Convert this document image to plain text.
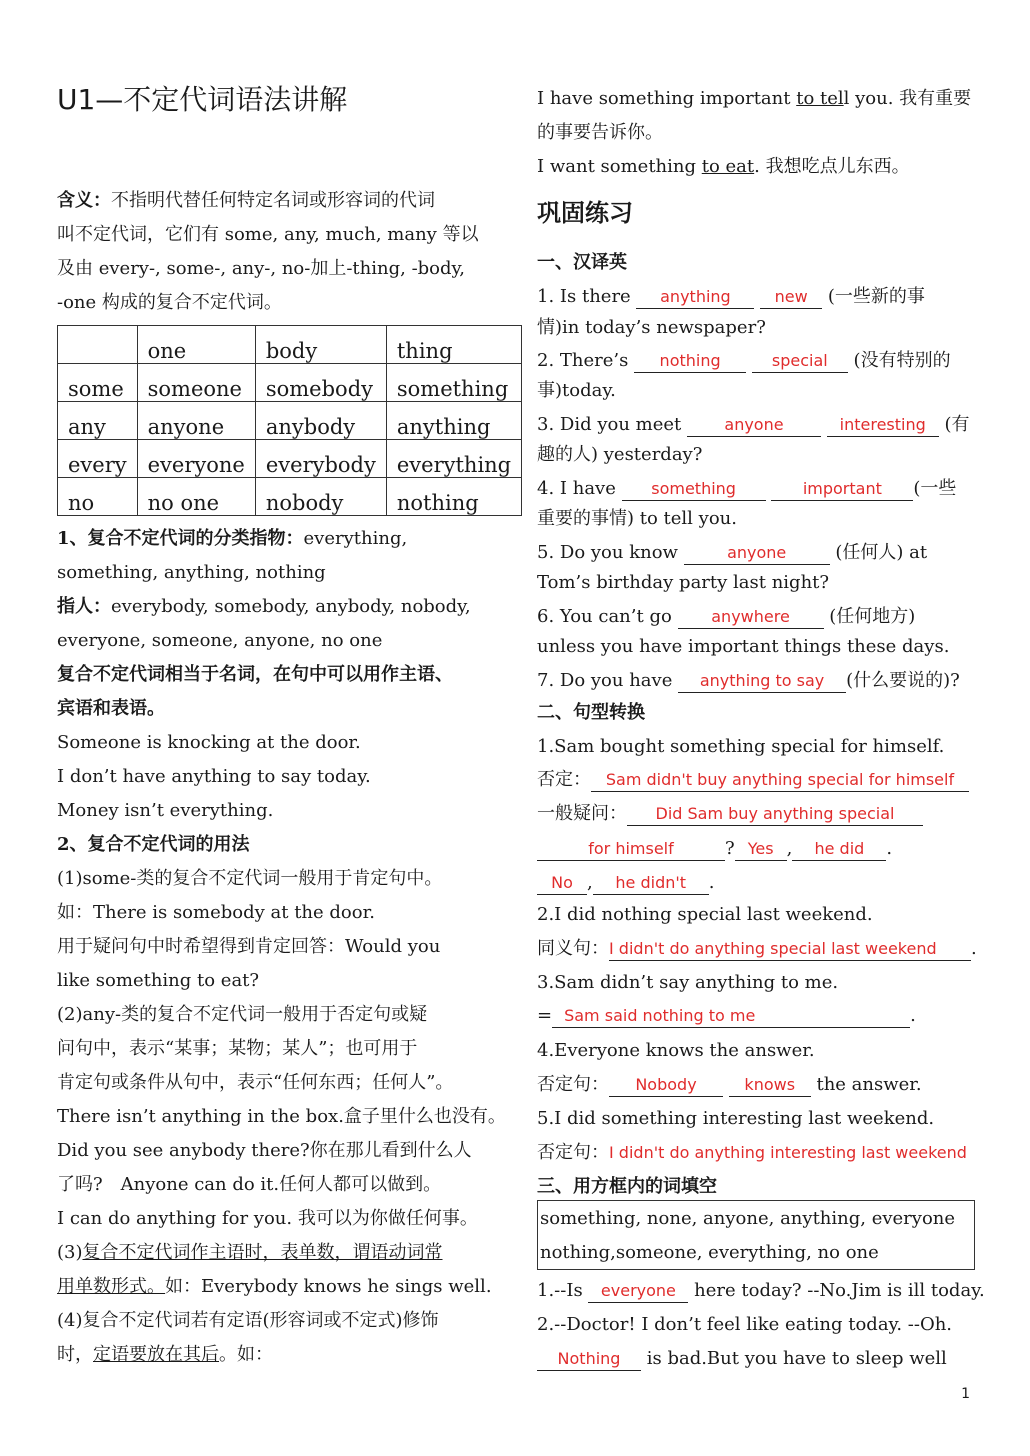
U1—不定代词语法讲解
含义：不指明代替任何特定名词或形容词的代词
叫不定代词，它们有 some, any, much, many 等以
及由 every-, some-, any-, no-加上-thing, -body,
-one 构成的复合不定代词。
	one	body	thing
some	someone	somebody	something
any	anyone	anybody	anything
every	everyone	everybody	everything
no	no one	nobody	nothing
1、复合不定代词的分类指物：everything,
something, anything, nothing
指人：everybody, somebody, anybody, nobody,
everyone, someone, anyone, no one
复合不定代词相当于名词，在句中可以用作主语、
宾语和表语。
Someone is knocking at the door.
I don’t have anything to say today.
Money isn’t everything.
2、复合不定代词的用法
(1)some-类的复合不定代词一般用于肯定句中。
如：There is somebody at the door.
用于疑问句中时希望得到肯定回答：Would you
like something to eat?
(2)any-类的复合不定代词一般用于否定句或疑
问句中，表示“某事；某物；某人”；也可用于
肯定句或条件从句中，表示“任何东西；任何人”。
There isn’t anything in the box.盒子里什么也没有。
Did you see anybody there?你在那儿看到什么人
了吗?　Anyone can do it.任何人都可以做到。
I can do anything for you. 我可以为你做任何事。
(3)复合不定代词作主语时，表单数，谓语动词常
用单数形式。如：Everybody knows he sings well.
(4)复合不定代词若有定语(形容词或不定式)修饰
时，定语要放在其后。如：
I have something important to tell you. 我有重要
的事要告诉你。
I want something to eat. 我想吃点儿东西。
巩固练习
一、汉译英
1. Is there anything	new (一些新的事
情)in today’s newspaper?
2. There’s nothing	special (没有特别的
事)today.
3. Did you meet anyone	interesting (有
趣的人) yesterday?
4. I have something	important (一些
重要的事情) to tell you.
5. Do you know	anyone (任何人) at
Tom’s birthday party last night?
6. You can’t go anywhere (任何地方)
unless you have important things these days.
7. Do you have anything to say (什么要说的)?
二、句型转换
1.Sam bought something special for himself.
否定： Sam didn't buy anything special for himself
一般疑问： Did Sam buy anything special
for himself	? Yes , he did .
No , he didn't .
2.I did nothing special last weekend.
同义句：I didn't do anything special last weekend .
3.Sam didn’t say anything to me.
= Sam said nothing to me	.
4.Everyone knows the answer.
否定句： Nobody	knows the answer.
5.I did something interesting last weekend.
否定句：I didn't do anything interesting last weekend
三、用方框内的词填空
something, none, anyone, anything, everyone
nothing,someone, everything, no one
1.--Is everyone here today? --No.Jim is ill today.
2.--Doctor! I don’t feel like eating today. --Oh.
Nothing is bad.But you have to sleep well
1
